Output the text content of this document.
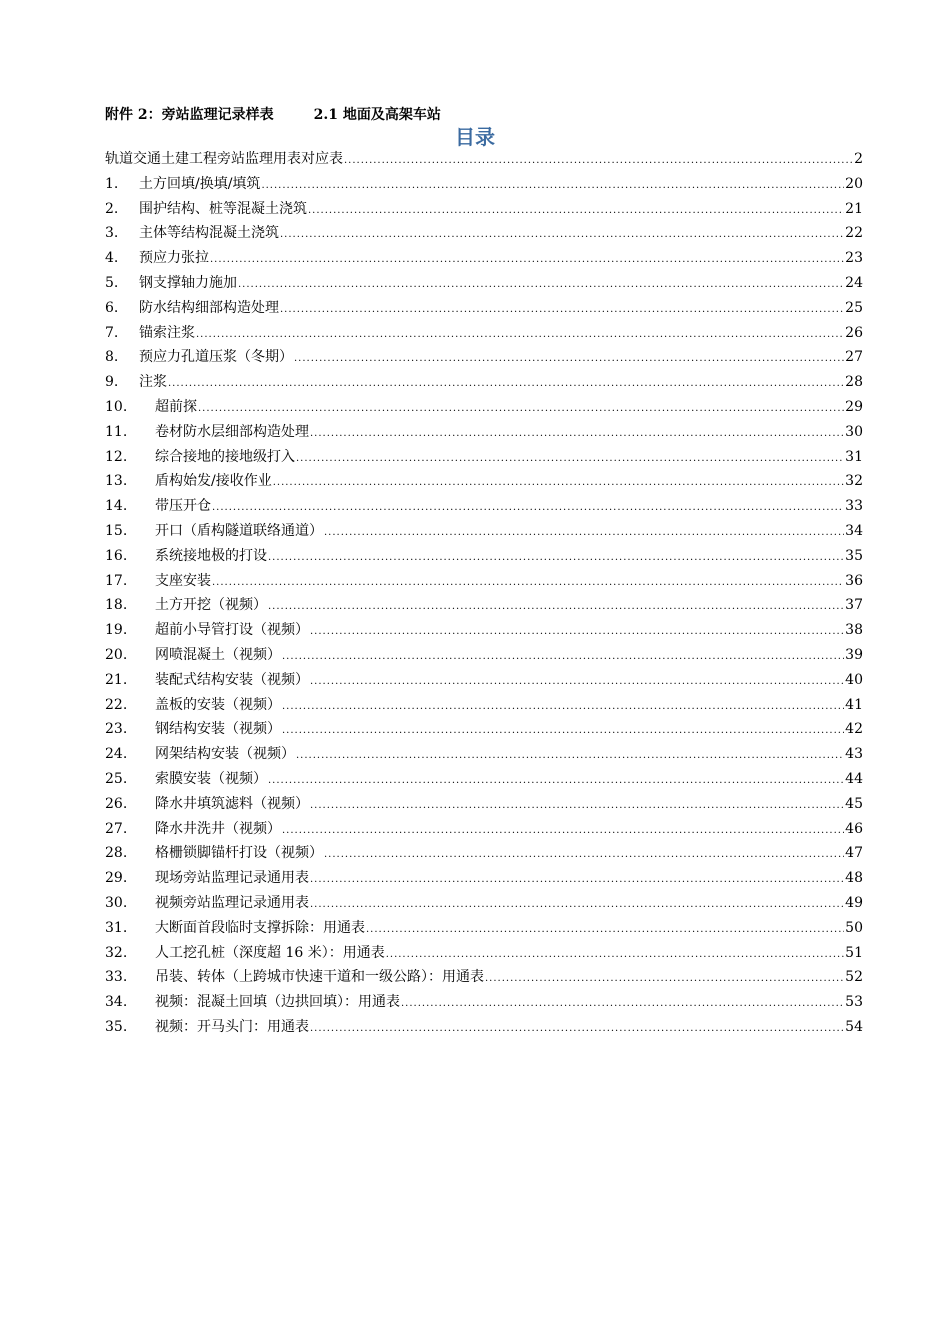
附件 2：旁站监理记录样表	2.1 地面及高架车站
目录
轨道交通土建工程旁站监理用表对应表 .....	2
1.	土方回填/换填/填筑 .....	20
2.	围护结构、桩等混凝土浇筑 .....	21
3.	主体等结构混凝土浇筑 .....	22
4.	预应力张拉 .....	23
5.	钢支撑轴力施加 .....	24
6.	防水结构细部构造处理 .....	25
7.	锚索注浆 .....	26
8.	预应力孔道压浆（冬期） .....	27
9.	注浆 .....	28
10.	超前探 .....	29
11.	卷材防水层细部构造处理 .....	30
12.	综合接地的接地级打入 .....	31
13.	盾构始发/接收作业 .....	32
14.	带压开仓 .....	33
15.	开口（盾构隧道联络通道） .....	34
16.	系统接地极的打设 .....	35
17.	支座安装 .....	36
18.	土方开挖（视频） .....	37
19.	超前小导管打设（视频） .....	38
20.	网喷混凝土（视频） .....	39
21.	装配式结构安装（视频） .....	40
22.	盖板的安装（视频） .....	41
23.	钢结构安装（视频） .....	42
24.	网架结构安装（视频） .....	43
25.	索膜安装（视频） .....	44
26.	降水井填筑滤料（视频） .....	45
27.	降水井洗井（视频） .....	46
28.	格栅锁脚锚杆打设（视频） .....	47
29.	现场旁站监理记录通用表 .....	48
30.	视频旁站监理记录通用表 .....	49
31.	大断面首段临时支撑拆除：用通表 .....	50
32.	人工挖孔桩（深度超 16 米）：用通表 .....	51
33.	吊装、转体（上跨城市快速干道和一级公路）：用通表 .....	52
34.	视频：混凝土回填（边拱回填）：用通表 .....	53
35.	视频：开马头门：用通表 .....	54
